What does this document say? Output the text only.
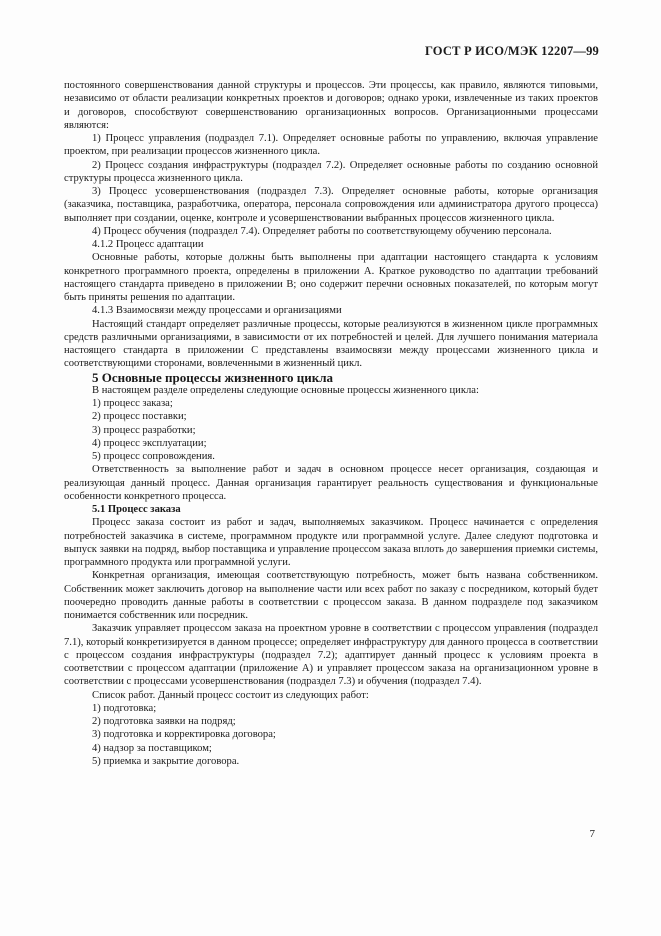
ГОСТ Р ИСО/МЭК 12207—99

постоянного совершенствования данной структуры и процессов. Эти процессы, как правило, являются типовыми, независимо от области реализации конкретных проектов и договоров; однако уроки, извлеченные из таких проектов и договоров, способствуют совершенствованию организационных вопросов. Организационными процессами являются:

1) Процесс управления (подраздел 7.1). Определяет основные работы по управлению, включая управление проектом, при реализации процессов жизненного цикла.

2) Процесс создания инфраструктуры (подраздел 7.2). Определяет основные работы по созданию основной структуры процесса жизненного цикла.

3) Процесс усовершенствования (подраздел 7.3). Определяет основные работы, которые организация (заказчика, поставщика, разработчика, оператора, персонала сопровождения или администратора другого процесса) выполняет при создании, оценке, контроле и усовершенствовании выбранных процессов жизненного цикла.

4) Процесс обучения (подраздел 7.4). Определяет работы по соответствующему обучению персонала.

4.1.2 Процесс адаптации

Основные работы, которые должны быть выполнены при адаптации настоящего стандарта к условиям конкретного программного проекта, определены в приложении А. Краткое руководство по адаптации требований настоящего стандарта приведено в приложении В; оно содержит перечни основных показателей, по которым могут быть приняты решения по адаптации.

4.1.3 Взаимосвязи между процессами и организациями

Настоящий стандарт определяет различные процессы, которые реализуются в жизненном цикле программных средств различными организациями, в зависимости от их потребностей и целей. Для лучшего понимания материала настоящего стандарта в приложении С представлены взаимосвязи между процессами жизненного цикла и соответствующими сторонами, вовлеченными в жизненный цикл.

5 Основные процессы жизненного цикла

В настоящем разделе определены следующие основные процессы жизненного цикла:

1) процесс заказа;

2) процесс поставки;

3) процесс разработки;

4) процесс эксплуатации;

5) процесс сопровождения.

Ответственность за выполнение работ и задач в основном процессе несет организация, создающая и реализующая данный процесс. Данная организация гарантирует реальность существования и функциональные особенности конкретного процесса.

5.1 Процесс заказа

Процесс заказа состоит из работ и задач, выполняемых заказчиком. Процесс начинается с определения потребностей заказчика в системе, программном продукте или программной услуге. Далее следуют подготовка и выпуск заявки на подряд, выбор поставщика и управление процессом заказа вплоть до завершения приемки системы, программного продукта или программной услуги.

Конкретная организация, имеющая соответствующую потребность, может быть названа собственником. Собственник может заключить договор на выполнение части или всех работ по заказу с посредником, который будет поочередно проводить данные работы в соответствии с процессом заказа. В данном подразделе под заказчиком понимается собственник или посредник.

Заказчик управляет процессом заказа на проектном уровне в соответствии с процессом управления (подраздел 7.1), который конкретизируется в данном процессе; определяет инфраструктуру для данного процесса в соответствии с процессом создания инфраструктуры (подраздел 7.2); адаптирует данный процесс к условиям проекта в соответствии с процессом адаптации (приложение А) и управляет процессом заказа на организационном уровне в соответствии с процессами усовершенствования (подраздел 7.3) и обучения (подраздел 7.4).

Список работ. Данный процесс состоит из следующих работ:

1) подготовка;

2) подготовка заявки на подряд;

3) подготовка и корректировка договора;

4) надзор за поставщиком;

5) приемка и закрытие договора.

7
